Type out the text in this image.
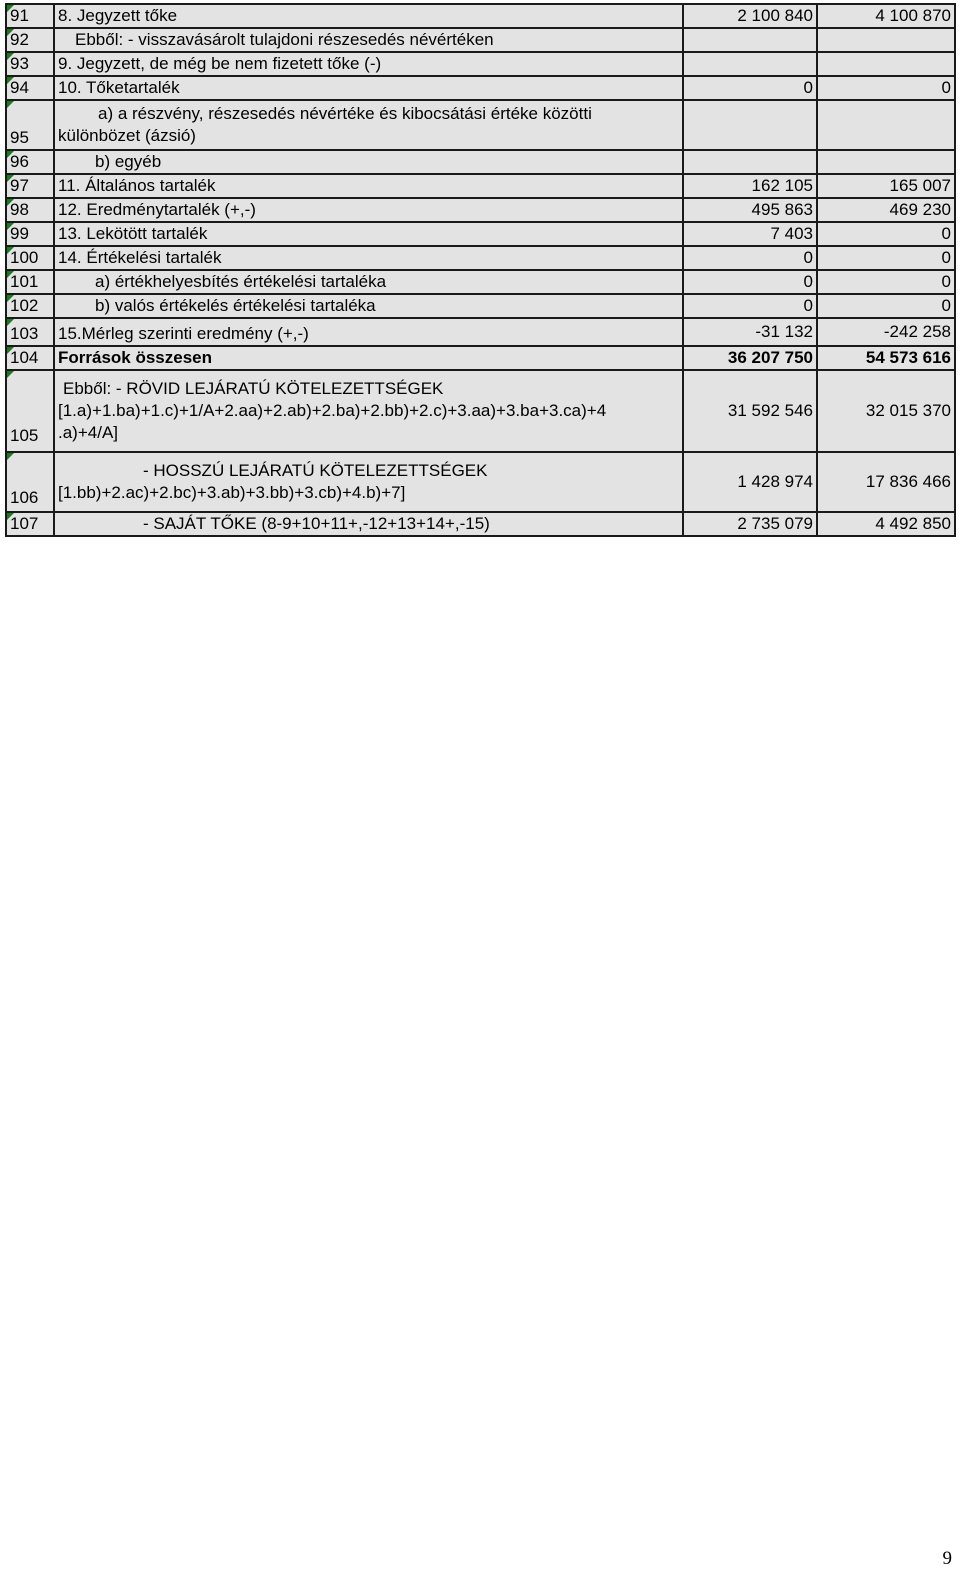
91	8. Jegyzett tőke	2 100 840	4 100 870
92	Ebből: - visszavásárolt tulajdoni részesedés névértéken		
93	9. Jegyzett, de még be nem fizetett tőke (-)		
94	10. Tőketartalék	0	0
95	a) a részvény, részesedés névértéke és kibocsátási értéke közötti
különbözet (ázsió)		

96	b) egyéb		
97	11. Általános tartalék	162 105	165 007
98	12. Eredménytartalék (+,-)	495 863	469 230
99	13. Lekötött tartalék	7 403	0
100	14. Értékelési tartalék	0	0
101	a) értékhelyesbítés értékelési tartaléka	0	0
102	b) valós értékelés értékelési tartaléka	0	0
103	15.Mérleg szerinti eredmény (+,-)	-31 132	-242 258
104	Források összesen	36 207 750	54 573 616
105	Ebből: - RÖVID LEJÁRATÚ KÖTELEZETTSÉGEK
[1.a)+1.ba)+1.c)+1/A+2.aa)+2.ab)+2.ba)+2.bb)+2.c)+3.aa)+3.ba+3.ca)+4
.a)+4/A]	31 592 546	32 015 370
106	- HOSSZÚ LEJÁRATÚ KÖTELEZETTSÉGEK
[1.bb)+2.ac)+2.bc)+3.ab)+3.bb)+3.cb)+4.b)+7]	1 428 974	17 836 466
107	- SAJÁT TŐKE (8-9+10+11+,-12+13+14+,-15)	2 735 079	4 492 850
9
